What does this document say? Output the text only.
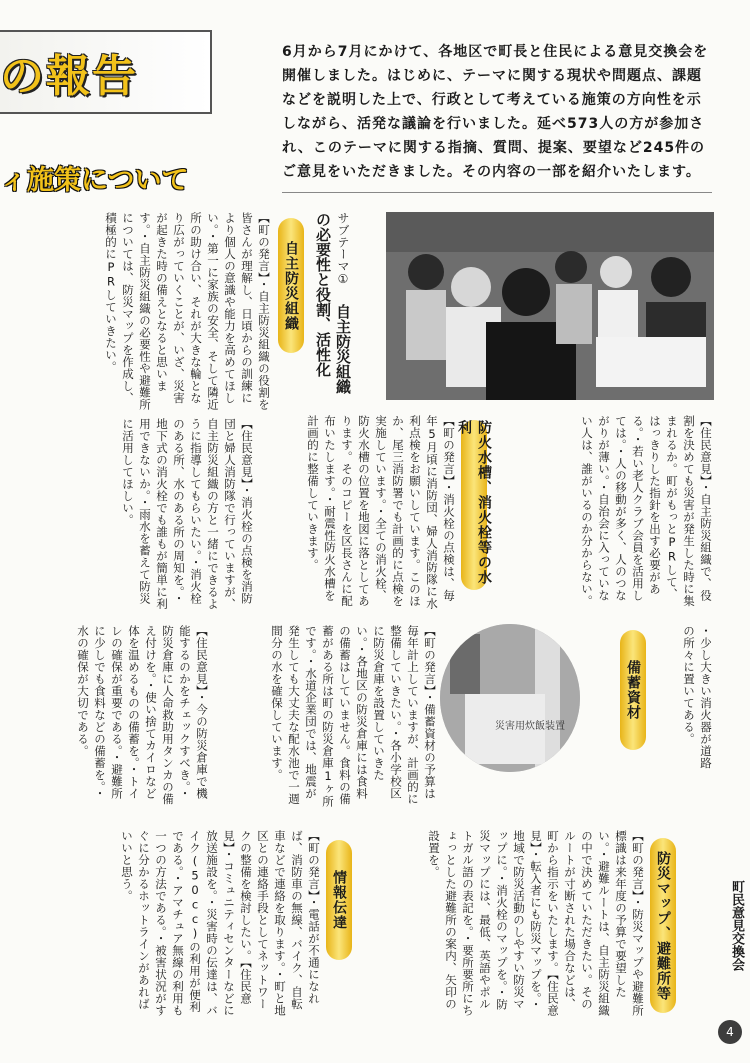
の報告	6月から7月にかけて、各地区で町長と住民による意見交換会を開催しました。はじめに、テーマに関する現状や問題点、課題などを説明した上で、行政として考えている施策の方向性を示しながら、活発な議論を行いました。延べ573人の方が参加され、このテーマに関する指摘、質問、提案、要望など245件のご意見をいただきました。その内容の一部を紹介いたします。
ィ施策について
サブテーマ① 自主防災組織の必要性と役割、活性化
自主防災組織
防火水槽、消火栓等の水利
備蓄資材
防災マップ、避難所等
情報伝達
【住民意見】・自主防災組織で、役割を決めても災害が発生した時に集まれるか。町がもっとPRして、はっきりした指針を出す必要がある。・若い老人クラブ会員を活用しては。・人の移動が多く、人のつながりが薄い。・自治会に入っていない人は、誰がいるのか分からない。
・少し大きい消火器が道路の所々に置いてある。
【町の発言】・自主防災組織の役割を皆さんが理解し、日頃からの訓練により個人の意識や能力を高めてほしい。・第一に家族の安全、そして隣近所の助け合い、それが大きな輪となり広がっていくことが、いざ、災害が起きた時の備えとなると思います。・自主防災組織の必要性や避難所については、防災マップを作成し、積極的にPRしていきたい。
【町の発言】・消火栓の点検は、毎年5月頃に消防団、婦人消防隊に水利点検をお願いしています。このほか、尾三消防署でも計画的に点検を実施しています。・全ての消火栓、防火水槽の位置を地図に落としてあります。そのコピーを区長さんに配布いたします。・耐震性防火水槽を計画的に整備していきます。
【住民意見】・消火栓の点検を消防団と婦人消防隊で行っていますが、自主防災組織の方と一緒にできるように指導してもらいたい。・消火栓のある所、水のある所の周知を。・地下式の消火栓でも誰もが簡単に利用できないか。・雨水を蓄えて防災に活用してほしい。
【町の発言】・備蓄資材の予算は毎年計上していますが、計画的に整備していきたい。・各小学校区に防災倉庫を設置していきたい。・各地区の防災倉庫には食料の備蓄はしていません。食料の備蓄がある所は町の防災倉庫1ヶ所です。・水道企業団では、地震が発生しても大丈夫な配水池で一週間分の水を確保しています。
【住民意見】・今の防災倉庫で機能するのかをチェックすべき。・防災倉庫に人命救助用タンカの備え付けを。・使い捨てカイロなど体を温めるものの備蓄を。・トイレの確保が重要である。・避難所に少しでも食料などの備蓄を。・水の確保が大切である。
【町の発言】・防災マップや避難所標識は来年度の予算で要望したい。・避難ルートは、自主防災組織の中で決めていただきたい。そのルートが寸断された場合などは、町から指示をいたします。【住民意見】・転入者にも防災マップを。・地域で防災活動のしやすい防災マップに。・消火栓のマップを。・防災マップには、最低、英語やポルトガル語の表記を。・要所要所にちょっとした避難所の案内、矢印の設置を。
【町の発言】・電話が不通になれば、消防車の無線、バイク、自転車などで連絡を取ります。・町と地区との連絡手段としてネットワークの整備を検討したい。【住民意見】・コミュニティセンターなどに放送施設を。・災害時の伝達は、バイク(50cc)の利用が便利である。・アマチュア無線の利用も一つの方法である。・被害状況がすぐに分かるホットラインがあればいいと思う。
災害用炊飯装置
町民意見交換会
4
